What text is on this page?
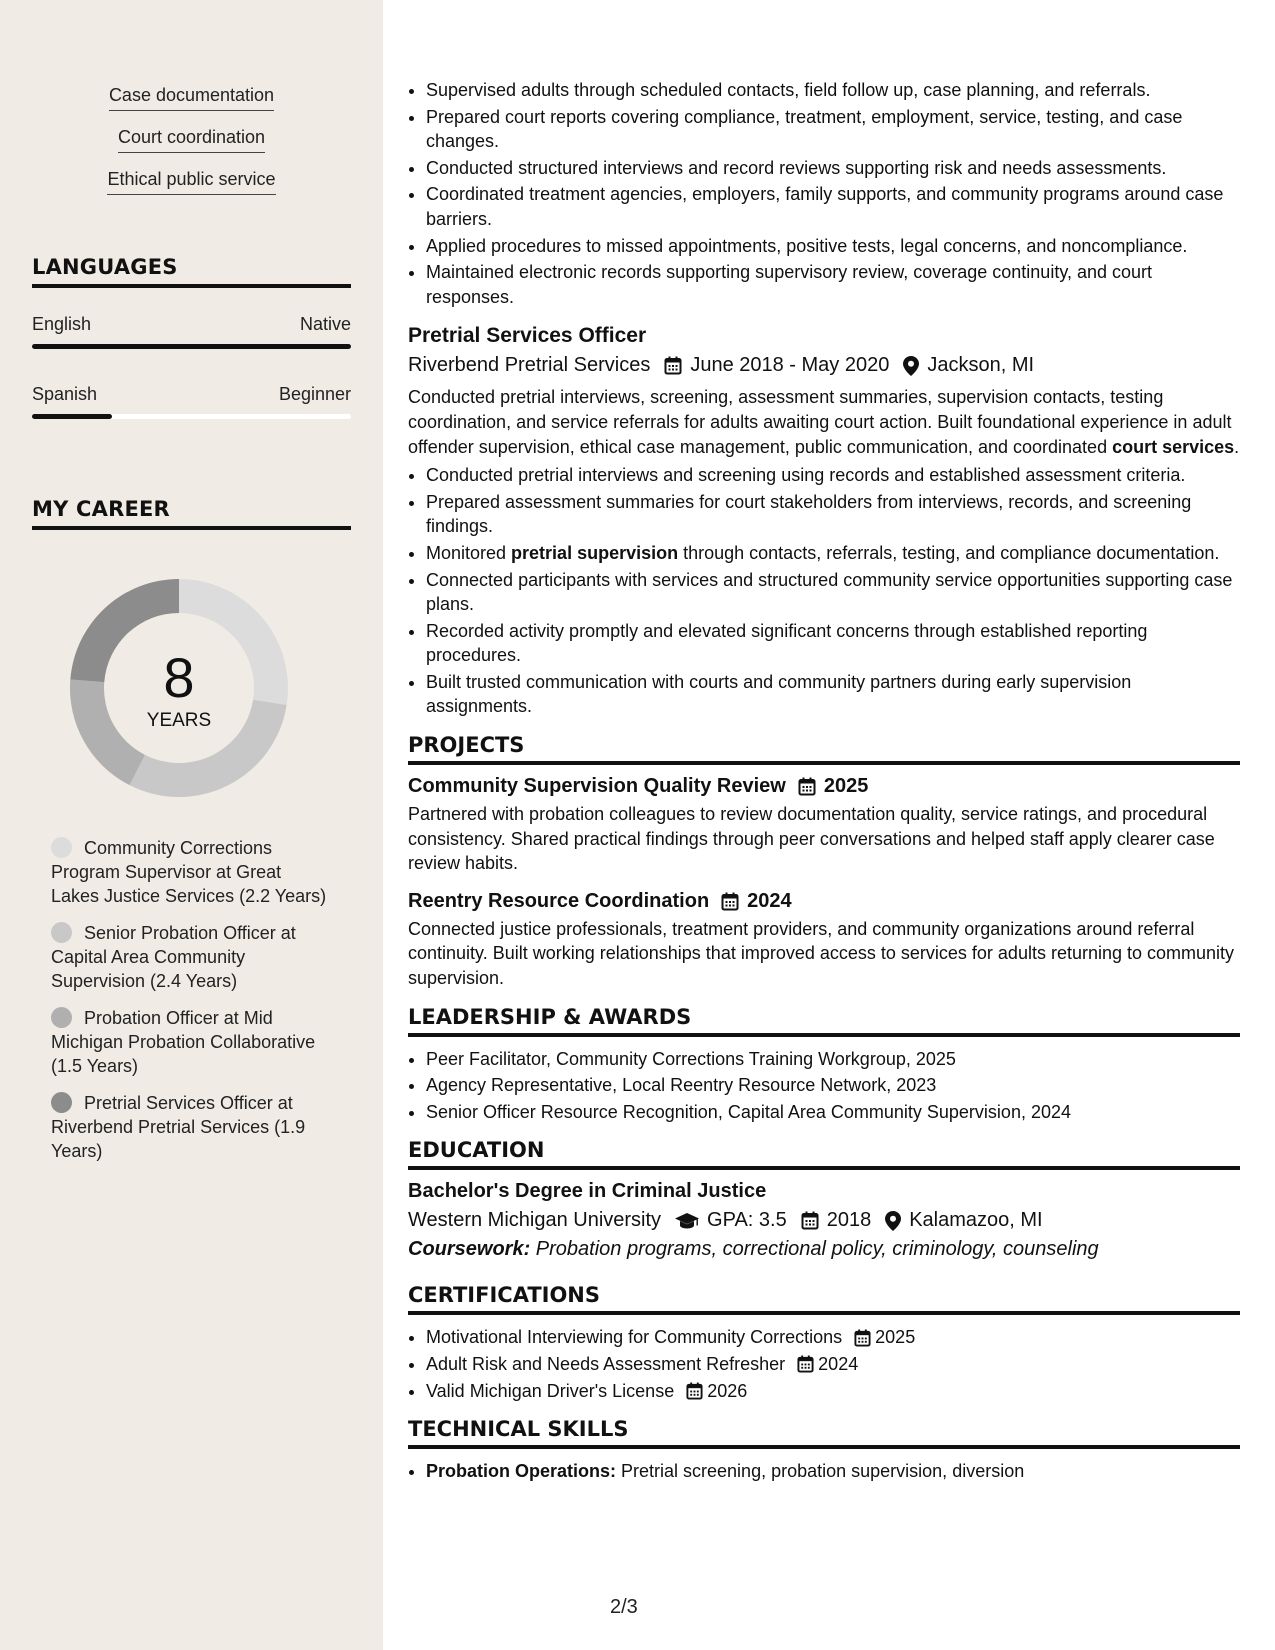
Case documentation
Court coordination
Ethical public service
LANGUAGES
English	Native
Spanish	Beginner
MY CAREER
8
YEARS
Community Corrections Program Supervisor at Great Lakes Justice Services (2.2 Years)
Senior Probation Officer at Capital Area Community Supervision (2.4 Years)
Probation Officer at Mid Michigan Probation Collaborative (1.5 Years)
Pretrial Services Officer at Riverbend Pretrial Services (1.9 Years)
• Supervised adults through scheduled contacts, field follow up, case planning, and referrals.
• Prepared court reports covering compliance, treatment, employment, service, testing, and case changes.
• Conducted structured interviews and record reviews supporting risk and needs assessments.
• Coordinated treatment agencies, employers, family supports, and community programs around case barriers.
• Applied procedures to missed appointments, positive tests, legal concerns, and noncompliance.
• Maintained electronic records supporting supervisory review, coverage continuity, and court responses.
Pretrial Services Officer
Riverbend Pretrial Services June 2018 - May 2020 Jackson, MI
Conducted pretrial interviews, screening, assessment summaries, supervision contacts, testing coordination, and service referrals for adults awaiting court action. Built foundational experience in adult offender supervision, ethical case management, public communication, and coordinated court services.
• Conducted pretrial interviews and screening using records and established assessment criteria.
• Prepared assessment summaries for court stakeholders from interviews, records, and screening findings.
• Monitored pretrial supervision through contacts, referrals, testing, and compliance documentation.
• Connected participants with services and structured community service opportunities supporting case plans.
• Recorded activity promptly and elevated significant concerns through established reporting procedures.
• Built trusted communication with courts and community partners during early supervision assignments.
PROJECTS
Community Supervision Quality Review 2025
Partnered with probation colleagues to review documentation quality, service ratings, and procedural consistency. Shared practical findings through peer conversations and helped staff apply clearer case review habits.
Reentry Resource Coordination 2024
Connected justice professionals, treatment providers, and community organizations around referral continuity. Built working relationships that improved access to services for adults returning to community supervision.
LEADERSHIP & AWARDS
• Peer Facilitator, Community Corrections Training Workgroup, 2025
• Agency Representative, Local Reentry Resource Network, 2023
• Senior Officer Resource Recognition, Capital Area Community Supervision, 2024
EDUCATION
Bachelor's Degree in Criminal Justice
Western Michigan University GPA: 3.5 2018 Kalamazoo, MI
Coursework: Probation programs, correctional policy, criminology, counseling
CERTIFICATIONS
• Motivational Interviewing for Community Corrections 2025
• Adult Risk and Needs Assessment Refresher 2024
• Valid Michigan Driver's License 2026
TECHNICAL SKILLS
• Probation Operations: Pretrial screening, probation supervision, diversion
2/3
